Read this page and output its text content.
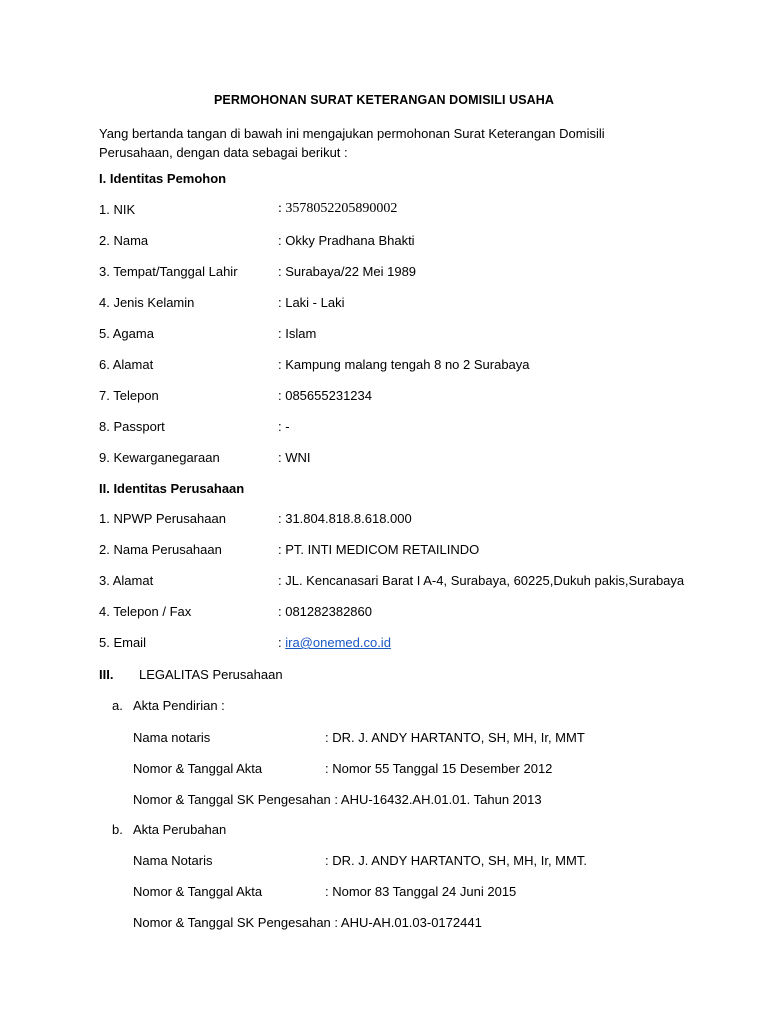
PERMOHONAN SURAT KETERANGAN DOMISILI USAHA
Yang bertanda tangan di bawah ini mengajukan permohonan Surat Keterangan Domisili Perusahaan, dengan data sebagai berikut :
I. Identitas Pemohon
1. NIK	: 3578052205890002
2. Nama	: Okky Pradhana Bhakti
3. Tempat/Tanggal Lahir	: Surabaya/22 Mei 1989
4. Jenis Kelamin	: Laki - Laki
5. Agama	: Islam
6. Alamat	: Kampung malang tengah 8 no 2 Surabaya
7. Telepon	: 085655231234
8. Passport	: -
9. Kewarganegaraan	: WNI
II. Identitas Perusahaan
1. NPWP Perusahaan	: 31.804.818.8.618.000
2. Nama Perusahaan	: PT. INTI MEDICOM RETAILINDO
3. Alamat	: JL. Kencanasari Barat I A-4, Surabaya, 60225,Dukuh pakis,Surabaya
4. Telepon / Fax	: 081282382860
5. Email	: ira@onemed.co.id
III. LEGALITAS Perusahaan
a. Akta Pendirian :
Nama notaris	: DR. J. ANDY HARTANTO, SH, MH, Ir, MMT
Nomor & Tanggal Akta	: Nomor 55 Tanggal 15 Desember 2012
Nomor & Tanggal SK Pengesahan : AHU-16432.AH.01.01. Tahun 2013
b. Akta Perubahan
Nama Notaris	: DR. J. ANDY HARTANTO, SH, MH, Ir, MMT.
Nomor & Tanggal Akta	: Nomor 83 Tanggal 24 Juni 2015
Nomor & Tanggal SK Pengesahan : AHU-AH.01.03-0172441
